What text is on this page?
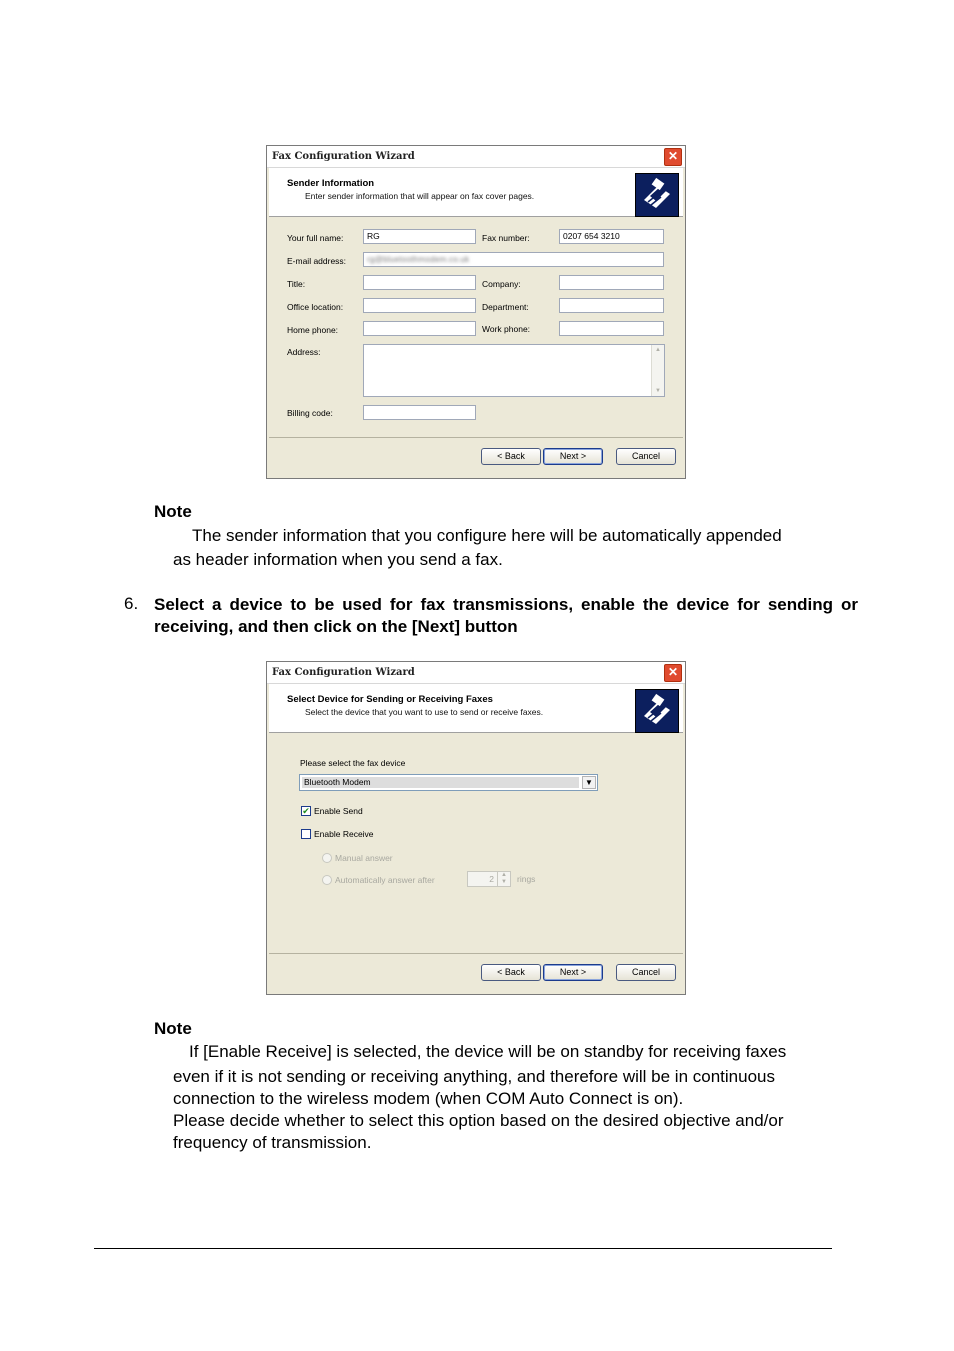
Fax Configuration Wizard	✕
Sender Information
Enter sender information that will appear on fax cover pages.
Your full name:	RG	Fax number:	0207 654 3210
E-mail address:	rg@bluetoothmodem.co.uk
Title:	Company:
Office location:	Department:
Home phone:	Work phone:
Address:	▲
▼
Billing code:
< Back	Next >	Cancel
Note
The sender information that you configure here will be automatically appended
as header information when you send a fax.
6. Select a device to be used for fax transmissions, enable the device for sending or receiving, and then click on the [Next] button
Fax Configuration Wizard	✕
Select Device for Sending or Receiving Faxes
Select the device that you want to use to send or receive faxes.
Please select the fax device
Bluetooth Modem	▼
✔ Enable Send
Enable Receive
Manual answer
Automatically answer after	2	▲
▼	rings
< Back	Next >	Cancel
Note
If [Enable Receive] is selected, the device will be on standby for receiving faxes
even if it is not sending or receiving anything, and therefore will be in continuous
connection to the wireless modem (when COM Auto Connect is on).
Please decide whether to select this option based on the desired objective and/or
frequency of transmission.
